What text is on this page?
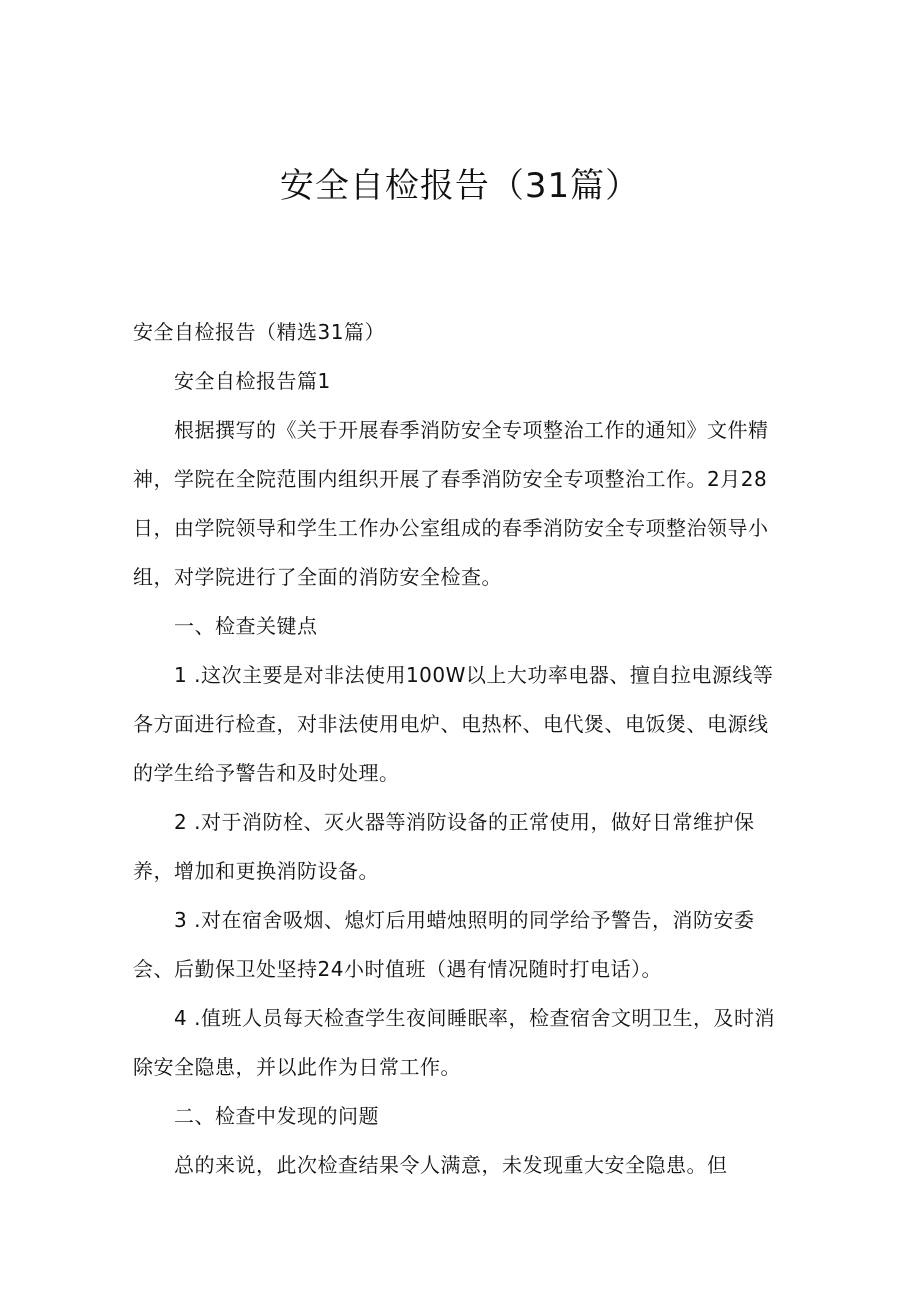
安全自检报告（31篇）

安全自检报告（精选31篇）

安全自检报告篇1

根据撰写的《关于开展春季消防安全专项整治工作的通知》文件精神，学院在全院范围内组织开展了春季消防安全专项整治工作。2月28日，由学院领导和学生工作办公室组成的春季消防安全专项整治领导小组，对学院进行了全面的消防安全检查。

一、检查关键点

1 .这次主要是对非法使用100W以上大功率电器、擅自拉电源线等各方面进行检查，对非法使用电炉、电热杯、电代煲、电饭煲、电源线的学生给予警告和及时处理。

2 .对于消防栓、灭火器等消防设备的正常使用，做好日常维护保养，增加和更换消防设备。

3 .对在宿舍吸烟、熄灯后用蜡烛照明的同学给予警告，消防安委会、后勤保卫处坚持24小时值班（遇有情况随时打电话）。

4 .值班人员每天检查学生夜间睡眠率，检查宿舍文明卫生，及时消除安全隐患，并以此作为日常工作。

二、检查中发现的问题

总的来说，此次检查结果令人满意，未发现重大安全隐患。但
